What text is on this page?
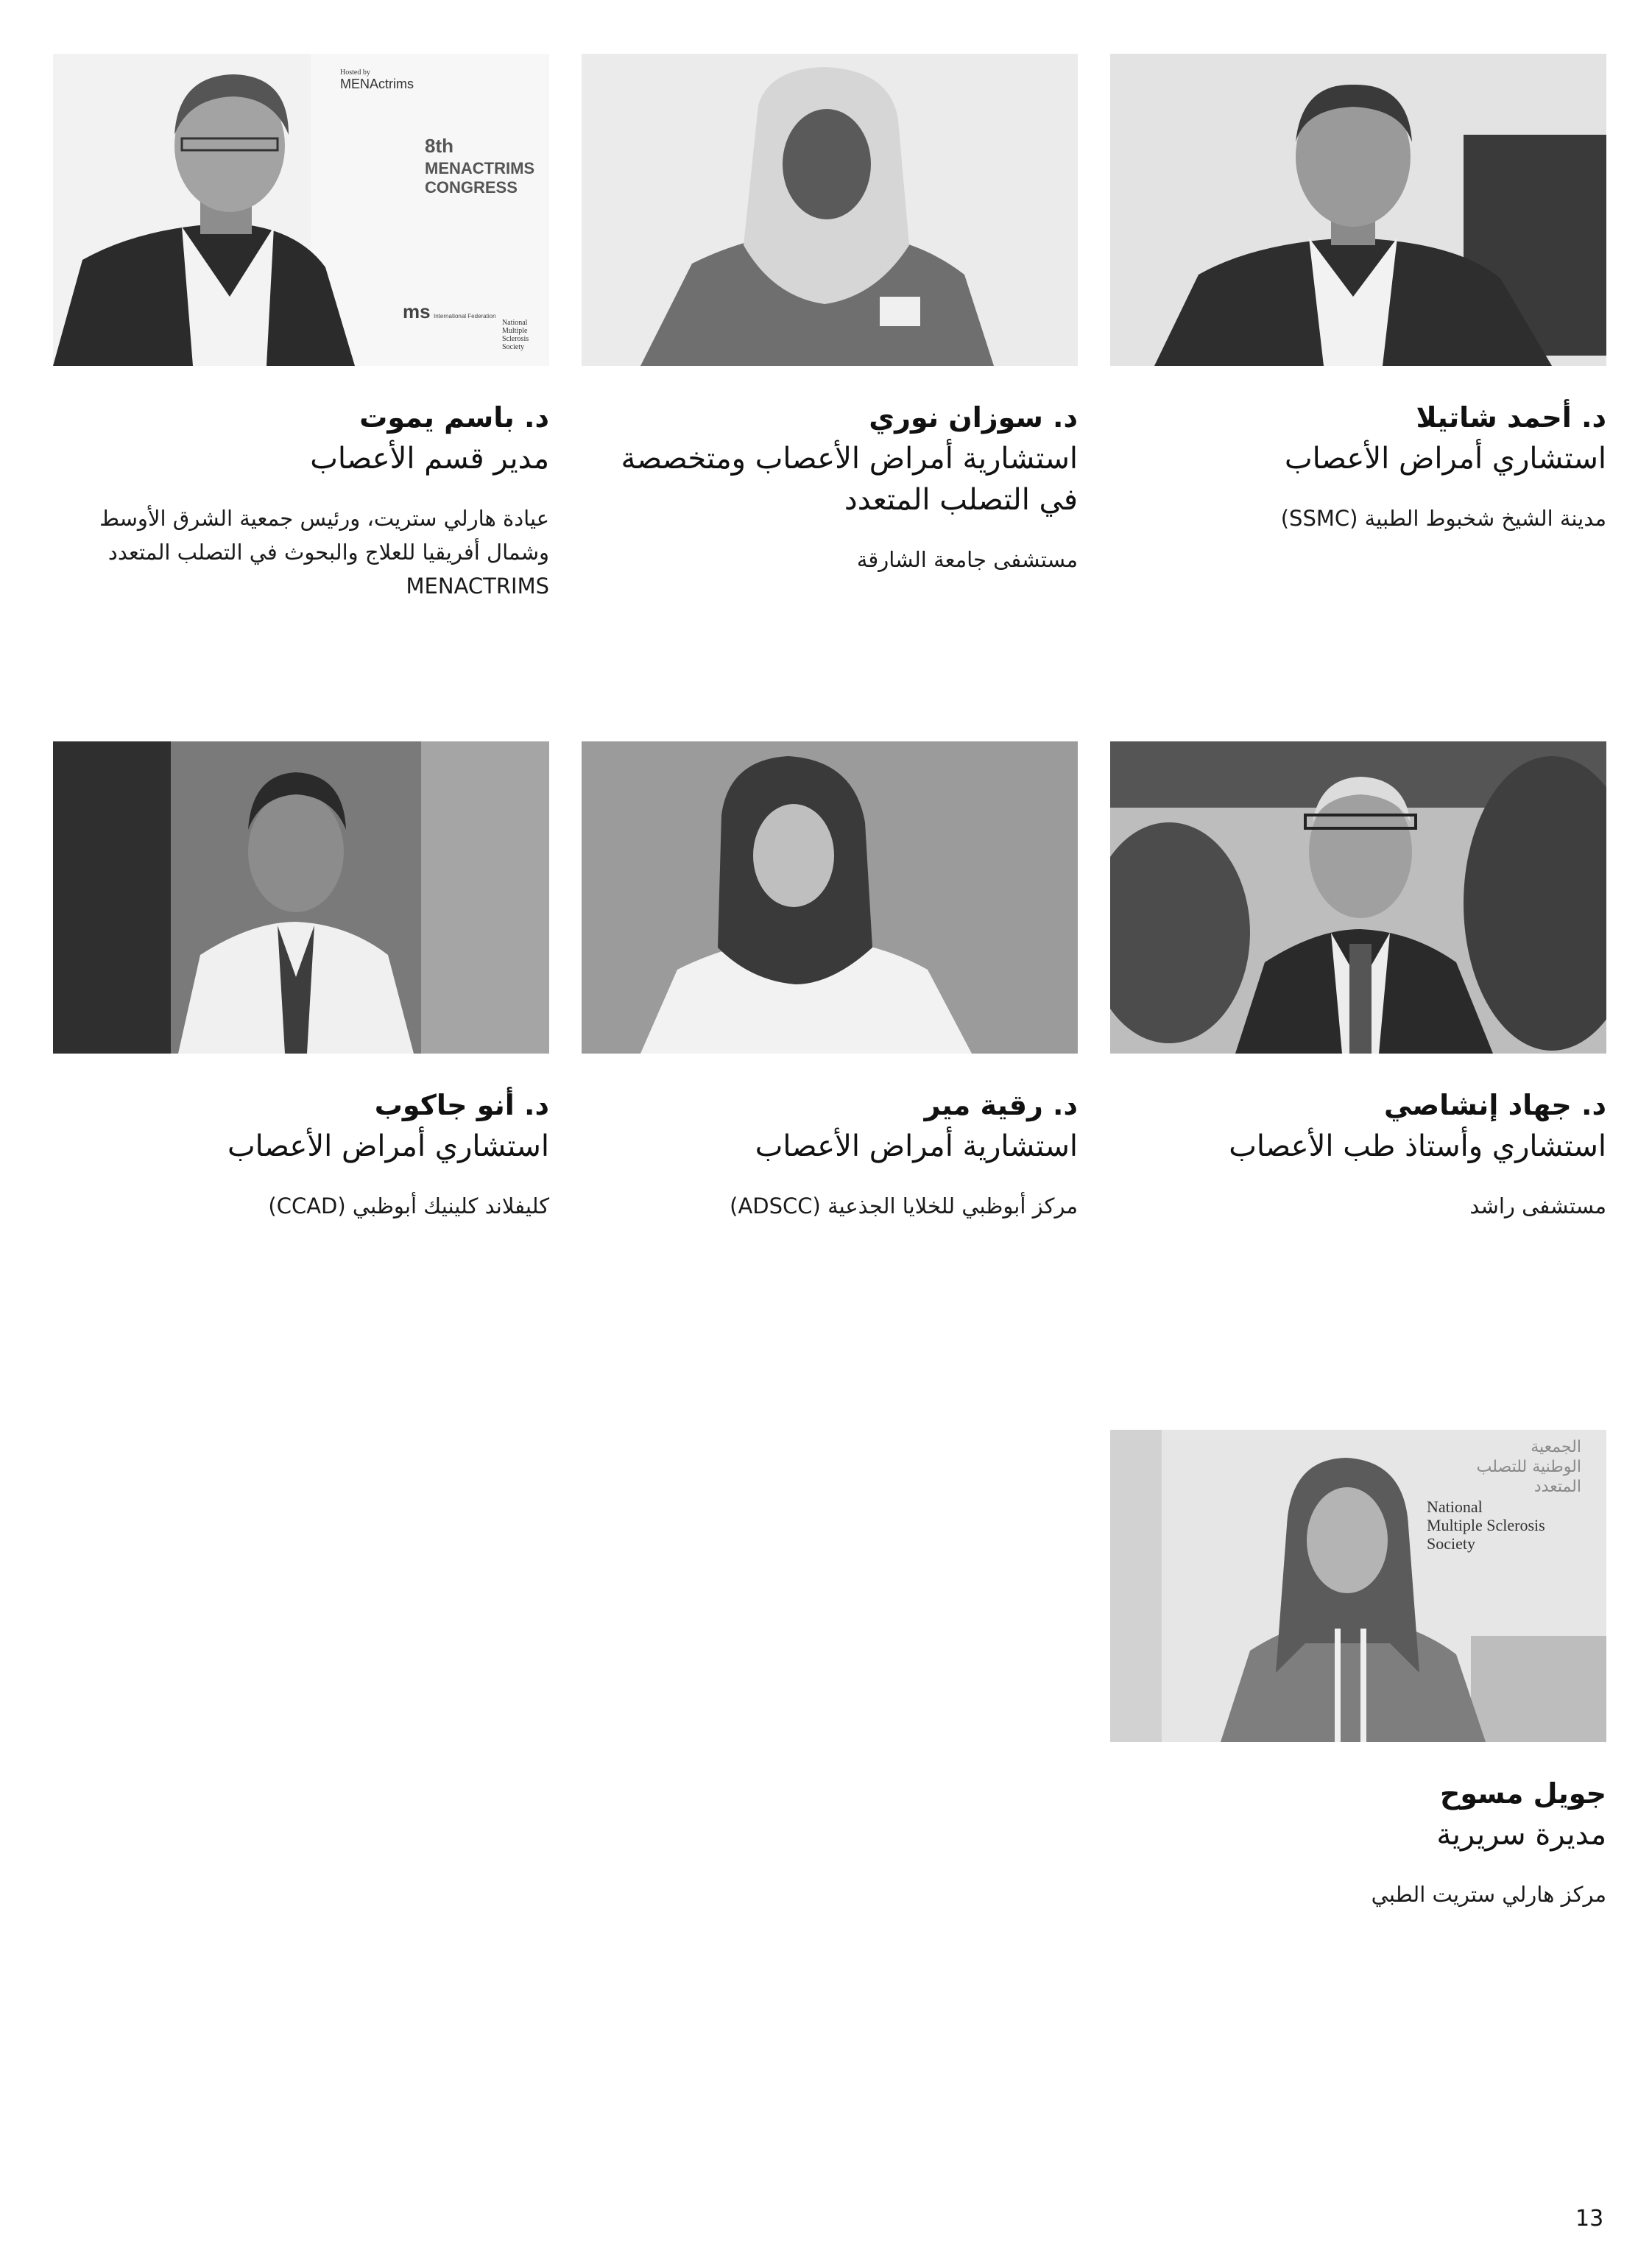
د. أحمد شاتيلا
استشاري أمراض الأعصاب
مدينة الشيخ شخبوط الطبية (SSMC)
د. سوزان نوري
استشارية أمراض الأعصاب ومتخصصة في التصلب المتعدد
مستشفى جامعة الشارقة
Hosted by
MENActrims
8th
MENACTRIMS
CONGRESS
ms International Federation
National Multiple Sclerosis Society
د. باسم يموت
مدير قسم الأعصاب
عيادة هارلي ستريت، ورئيس جمعية الشرق الأوسط وشمال أفريقيا للعلاج والبحوث في التصلب المتعدد MENACTRIMS
د. جهاد إنشاصي
استشاري وأستاذ طب الأعصاب
مستشفى راشد
د. رقية مير
استشارية أمراض الأعصاب
مركز أبوظبي للخلايا الجذعية (ADSCC)
د. أنو جاكوب
استشاري أمراض الأعصاب
كليفلاند كلينيك أبوظبي (CCAD)
الجمعية
الوطنية للتصلب
المتعدد
National
Multiple Sclerosis
Society
جويل مسوح
مديرة سريرية
مركز هارلي ستريت الطبي
13
